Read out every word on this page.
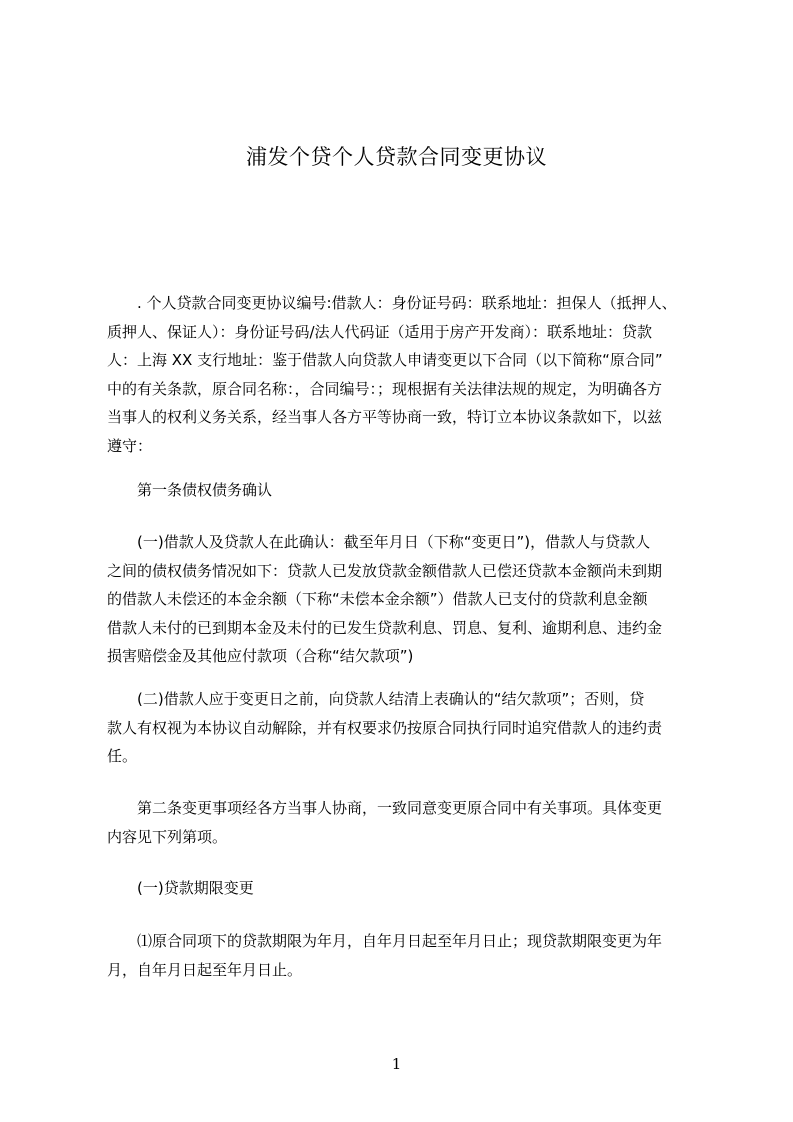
浦发个贷个人贷款合同变更协议
. 个人贷款合同变更协议编号:借款人：身份证号码：联系地址：担保人（抵押人、
质押人、保证人）：身份证号码/法人代码证（适用于房产开发商）：联系地址：贷款
人：上海 XX 支行地址：鉴于借款人向贷款人申请变更以下合同（以下简称“原合同”
中的有关条款，原合同名称：，合同编号：；现根据有关法律法规的规定，为明确各方
当事人的权利义务关系，经当事人各方平等协商一致，特订立本协议条款如下，以兹
遵守：
第一条债权债务确认
(一)借款人及贷款人在此确认：截至年月日（下称“变更日”)，借款人与贷款人
之间的债权债务情况如下：贷款人已发放贷款金额借款人已偿还贷款本金额尚未到期
的借款人未偿还的本金余额（下称“未偿本金余额”）借款人已支付的贷款利息金额
借款人未付的已到期本金及未付的已发生贷款利息、罚息、复利、逾期利息、违约金
损害赔偿金及其他应付款项（合称“结欠款项”)
(二)借款人应于变更日之前，向贷款人结清上表确认的“结欠款项”；否则，贷
款人有权视为本协议自动解除，并有权要求仍按原合同执行同时追究借款人的违约责
任。
第二条变更事项经各方当事人协商，一致同意变更原合同中有关事项。具体变更
内容见下列第项。
(一)贷款期限变更
⑴原合同项下的贷款期限为年月，自年月日起至年月日止；现贷款期限变更为年
月，自年月日起至年月日止。
1
